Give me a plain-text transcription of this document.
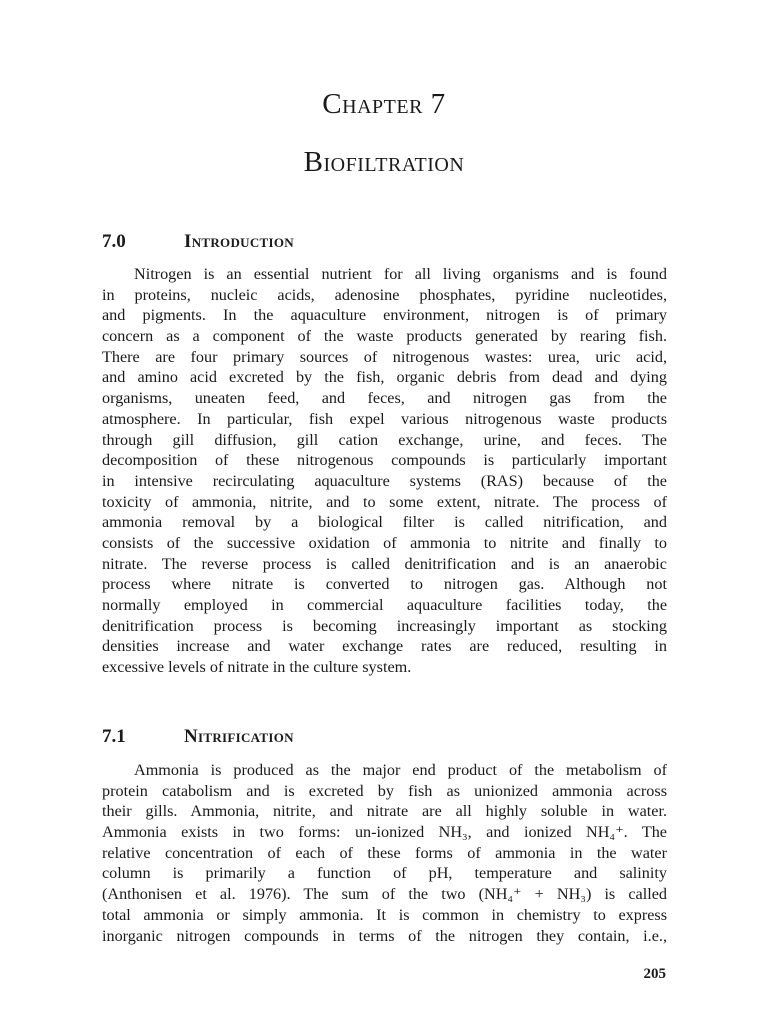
Chapter 7
Biofiltration
7.0	Introduction
Nitrogen is an essential nutrient for all living organisms and is found
in proteins, nucleic acids, adenosine phosphates, pyridine nucleotides,
and pigments. In the aquaculture environment, nitrogen is of primary
concern as a component of the waste products generated by rearing fish.
There are four primary sources of nitrogenous wastes: urea, uric acid,
and amino acid excreted by the fish, organic debris from dead and dying
organisms, uneaten feed, and feces, and nitrogen gas from the
atmosphere. In particular, fish expel various nitrogenous waste products
through gill diffusion, gill cation exchange, urine, and feces. The
decomposition of these nitrogenous compounds is particularly important
in intensive recirculating aquaculture systems (RAS) because of the
toxicity of ammonia, nitrite, and to some extent, nitrate. The process of
ammonia removal by a biological filter is called nitrification, and
consists of the successive oxidation of ammonia to nitrite and finally to
nitrate. The reverse process is called denitrification and is an anaerobic
process where nitrate is converted to nitrogen gas. Although not
normally employed in commercial aquaculture facilities today, the
denitrification process is becoming increasingly important as stocking
densities increase and water exchange rates are reduced, resulting in
excessive levels of nitrate in the culture system.
7.1	Nitrification
Ammonia is produced as the major end product of the metabolism of
protein catabolism and is excreted by fish as unionized ammonia across
their gills. Ammonia, nitrite, and nitrate are all highly soluble in water.
Ammonia exists in two forms: un-ionized NH₃, and ionized NH₄⁺. The
relative concentration of each of these forms of ammonia in the water
column is primarily a function of pH, temperature and salinity
(Anthonisen et al. 1976). The sum of the two (NH₄⁺ + NH₃) is called
total ammonia or simply ammonia. It is common in chemistry to express
inorganic nitrogen compounds in terms of the nitrogen they contain, i.e.,
205
